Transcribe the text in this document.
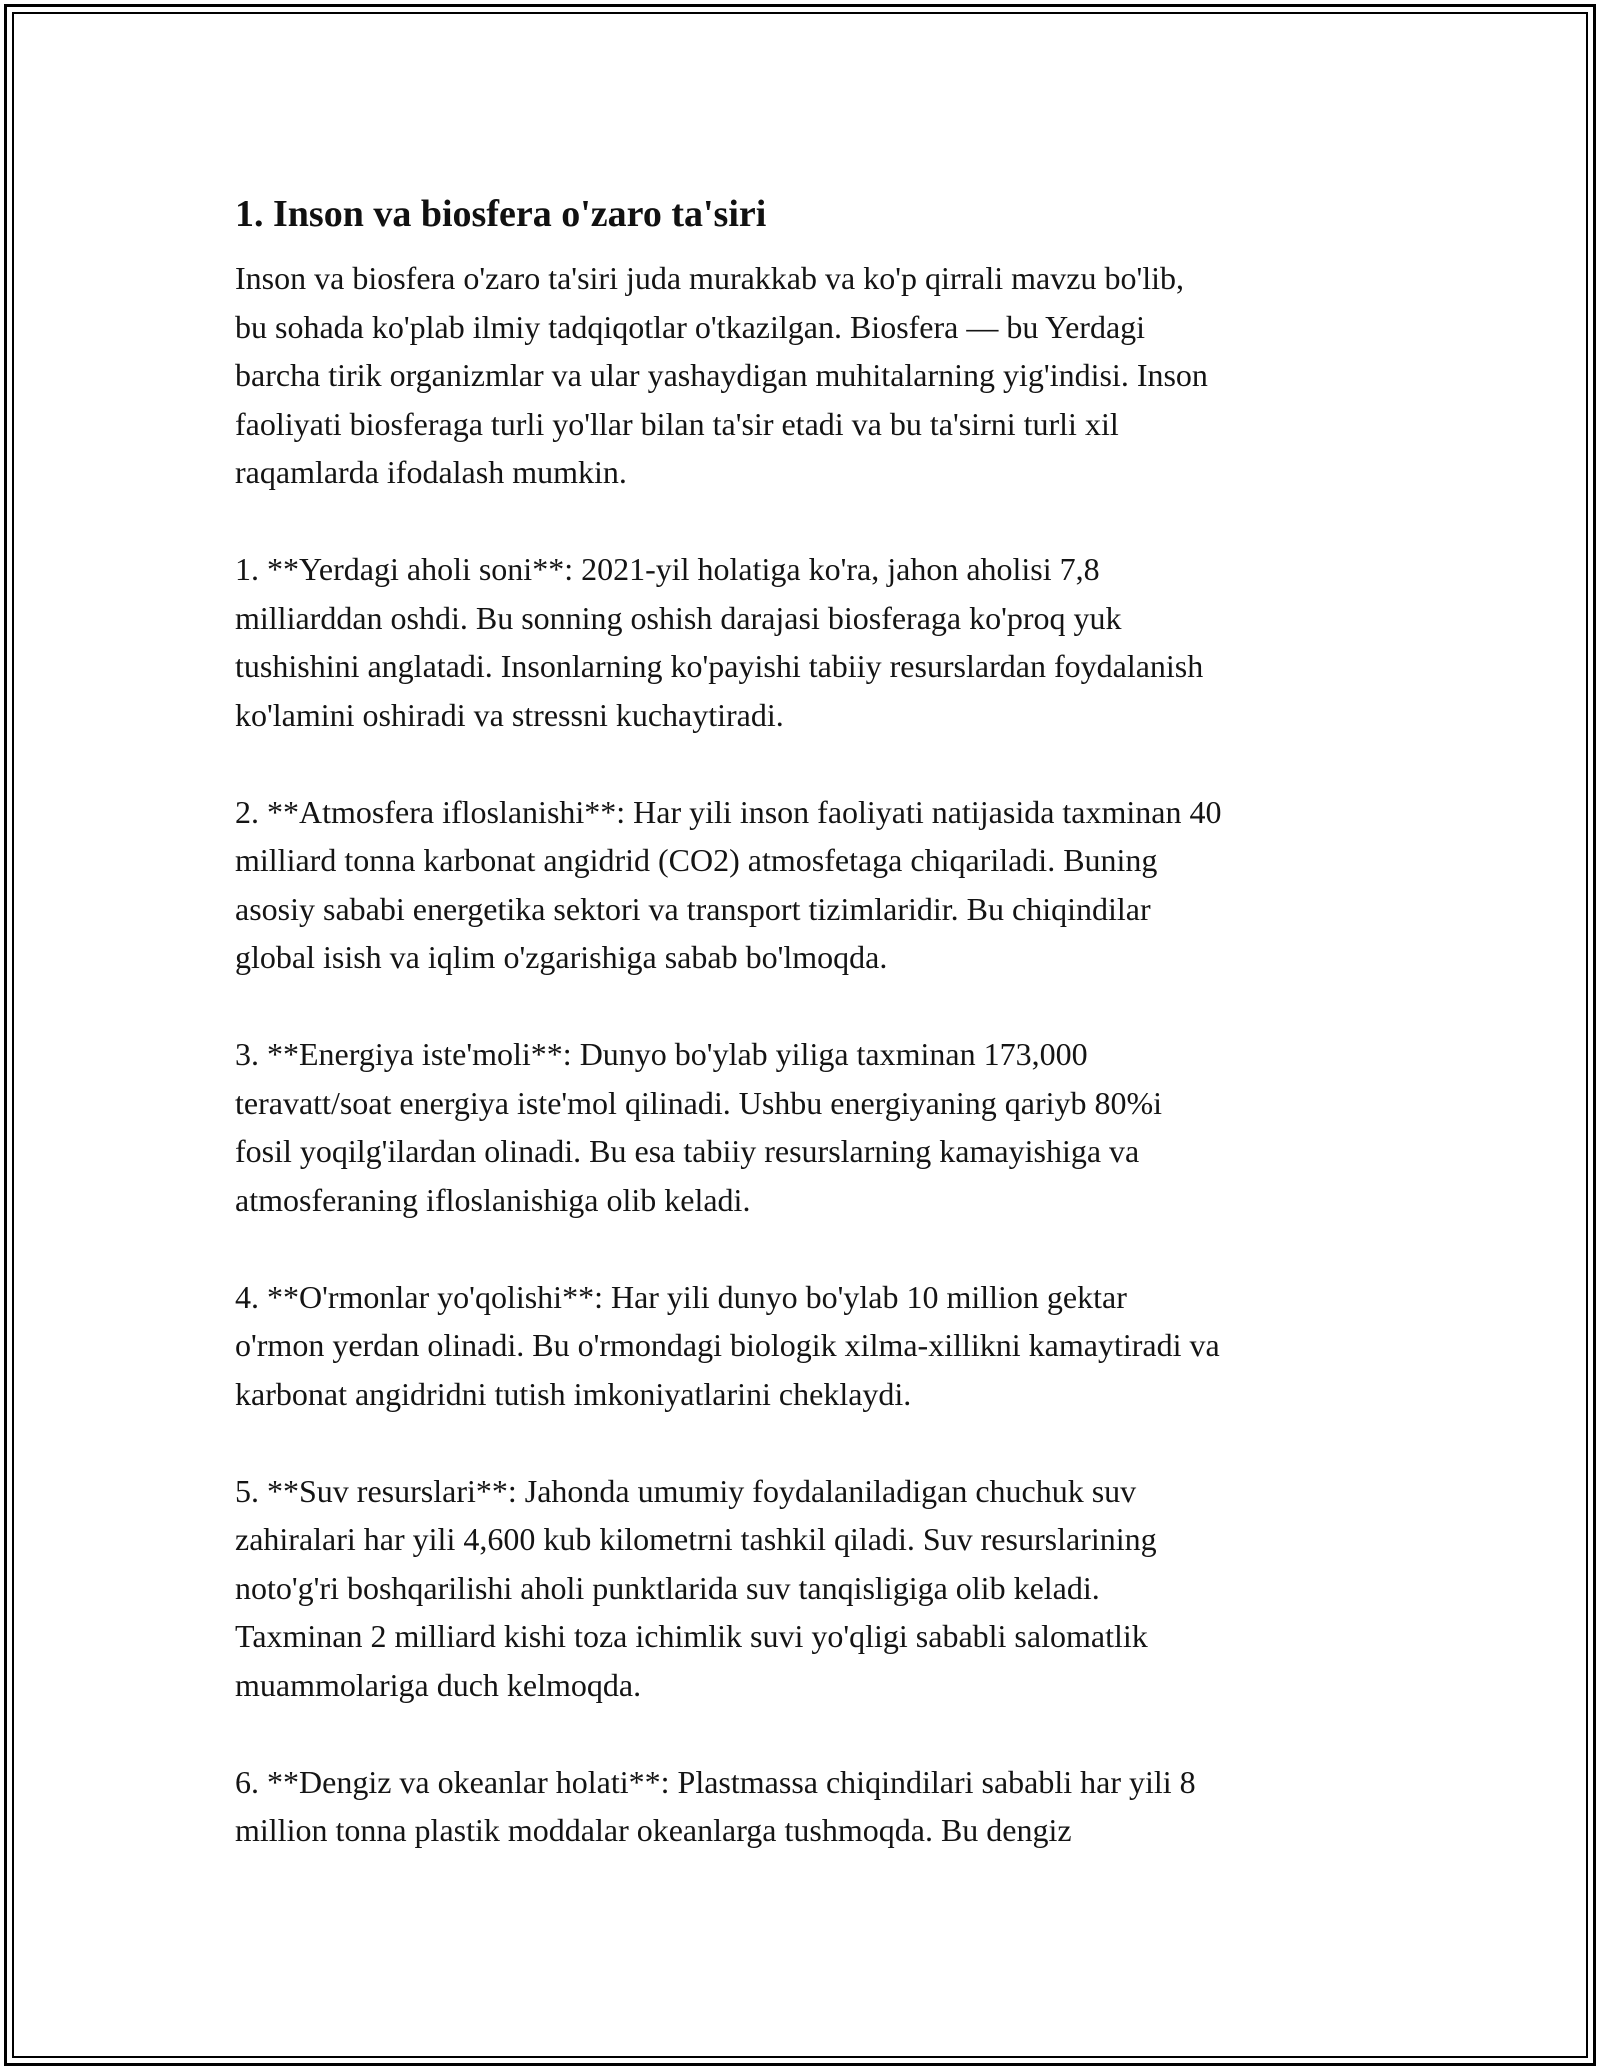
1. Inson va biosfera o'zaro ta'siri

Inson va biosfera o'zaro ta'siri juda murakkab va ko'p qirrali mavzu bo'lib,
bu sohada ko'plab ilmiy tadqiqotlar o'tkazilgan. Biosfera — bu Yerdagi
barcha tirik organizmlar va ular yashaydigan muhitalarning yig'indisi. Inson
faoliyati biosferaga turli yo'llar bilan ta'sir etadi va bu ta'sirni turli xil
raqamlarda ifodalash mumkin.

1. **Yerdagi aholi soni**: 2021-yil holatiga ko'ra, jahon aholisi 7,8
milliarddan oshdi. Bu sonning oshish darajasi biosferaga ko'proq yuk
tushishini anglatadi. Insonlarning ko'payishi tabiiy resurslardan foydalanish
ko'lamini oshiradi va stressni kuchaytiradi.

2. **Atmosfera ifloslanishi**: Har yili inson faoliyati natijasida taxminan 40
milliard tonna karbonat angidrid (CO2) atmosfetaga chiqariladi. Buning
asosiy sababi energetika sektori va transport tizimlaridir. Bu chiqindilar
global isish va iqlim o'zgarishiga sabab bo'lmoqda.

3. **Energiya iste'moli**: Dunyo bo'ylab yiliga taxminan 173,000
teravatt/soat energiya iste'mol qilinadi. Ushbu energiyaning qariyb 80%i
fosil yoqilg'ilardan olinadi. Bu esa tabiiy resurslarning kamayishiga va
atmosferaning ifloslanishiga olib keladi.

4. **O'rmonlar yo'qolishi**: Har yili dunyo bo'ylab 10 million gektar
o'rmon yerdan olinadi. Bu o'rmondagi biologik xilma-xillikni kamaytiradi va
karbonat angidridni tutish imkoniyatlarini cheklaydi.

5. **Suv resurslari**: Jahonda umumiy foydalaniladigan chuchuk suv
zahiralari har yili 4,600 kub kilometrni tashkil qiladi. Suv resurslarining
noto'g'ri boshqarilishi aholi punktlarida suv tanqisligiga olib keladi.
Taxminan 2 milliard kishi toza ichimlik suvi yo'qligi sababli salomatlik
muammolariga duch kelmoqda.

6. **Dengiz va okeanlar holati**: Plastmassa chiqindilari sababli har yili 8
million tonna plastik moddalar okeanlarga tushmoqda. Bu dengiz
